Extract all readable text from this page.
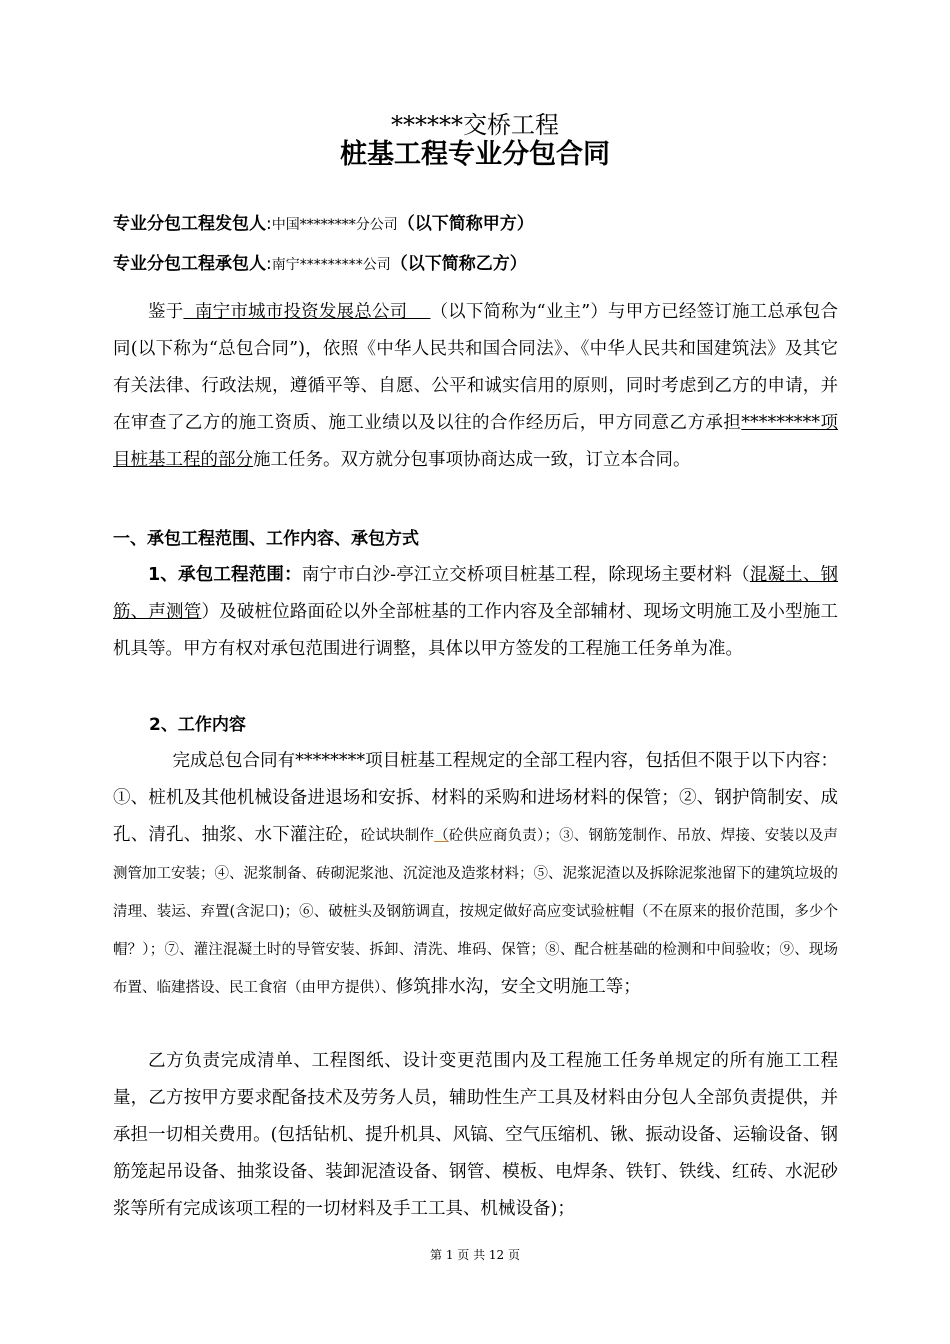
******交桥工程
桩基工程专业分包合同
专业分包工程发包人:中国********分公司（以下简称甲方）
专业分包工程承包人:南宁*********公司（以下简称乙方）
鉴于  南宁市城市投资发展总公司    （以下简称为“业主”）与甲方已经签订施工总承包合同(以下称为“总包合同”)，依照《中华人民共和国合同法》、《中华人民共和国建筑法》及其它有关法律、行政法规，遵循平等、自愿、公平和诚实信用的原则，同时考虑到乙方的申请，并在审查了乙方的施工资质、施工业绩以及以往的合作经历后，甲方同意乙方承担*********项目桩基工程的部分施工任务。双方就分包事项协商达成一致，订立本合同。
一、承包工程范围、工作内容、承包方式
1、承包工程范围：南宁市白沙-亭江立交桥项目桩基工程，除现场主要材料（混凝土、钢筋、声测管）及破桩位路面砼以外全部桩基的工作内容及全部辅材、现场文明施工及小型施工机具等。甲方有权对承包范围进行调整，具体以甲方签发的工程施工任务单为准。
2、工作内容
完成总包合同有********项目桩基工程规定的全部工程内容，包括但不限于以下内容：①、桩机及其他机械设备进退场和安拆、材料的采购和进场材料的保管；②、钢护筒制安、成孔、清孔、抽浆、水下灌注砼，砼试块制作（砼供应商负责）；③、钢筋笼制作、吊放、焊接、安装以及声测管加工安装；④、泥浆制备、砖砌泥浆池、沉淀池及造浆材料；⑤、泥浆泥渣以及拆除泥浆池留下的建筑垃圾的清理、装运、弃置(含泥口)；⑥、破桩头及钢筋调直，按规定做好高应变试验桩帽（不在原来的报价范围，多少个帽？）；⑦、灌注混凝土时的导管安装、拆卸、清洗、堆码、保管；⑧、配合桩基础的检测和中间验收；⑨、现场布置、临建搭设、民工食宿（由甲方提供）、修筑排水沟，安全文明施工等；
乙方负责完成清单、工程图纸、设计变更范围内及工程施工任务单规定的所有施工工程量，乙方按甲方要求配备技术及劳务人员，辅助性生产工具及材料由分包人全部负责提供，并承担一切相关费用。(包括钻机、提升机具、风镐、空气压缩机、锹、振动设备、运输设备、钢筋笼起吊设备、抽浆设备、装卸泥渣设备、钢管、模板、电焊条、铁钉、铁线、红砖、水泥砂浆等所有完成该项工程的一切材料及手工工具、机械设备)；
第 1 页 共 12 页
